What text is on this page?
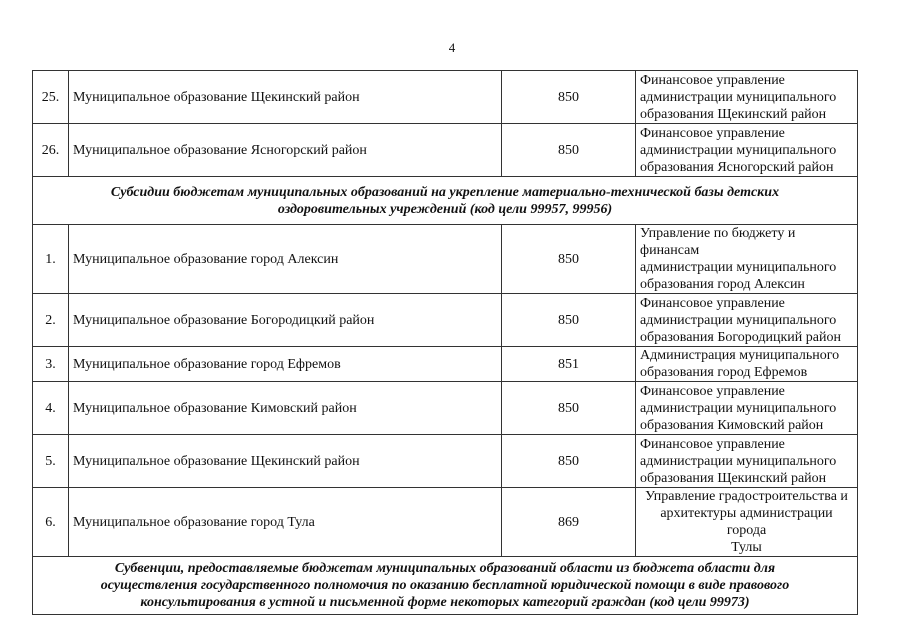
4
25.	Муниципальное образование Щекинский район	850	Финансовое управление
администрации муниципального
образования Щекинский район
26.	Муниципальное образование Ясногорский район	850	Финансовое управление
администрации муниципального
образования Ясногорский район
Субсидии бюджетам муниципальных образований на укрепление материально-технической базы детских
оздоровительных учреждений (код цели 99957, 99956)			
1.	Муниципальное образование город Алексин	850	Управление по бюджету и финансам
администрации муниципального
образования город Алексин
2.	Муниципальное образование Богородицкий район	850	Финансовое управление
администрации муниципального
образования Богородицкий район
3.	Муниципальное образование город Ефремов	851	Администрация муниципального
образования город Ефремов
4.	Муниципальное образование Кимовский район	850	Финансовое управление
администрации муниципального
образования Кимовский район
5.	Муниципальное образование Щекинский район	850	Финансовое управление
администрации муниципального
образования Щекинский район
6.	Муниципальное образование город Тула	869	Управление градостроительства и
архитектуры администрации города
Тулы
Субвенции, предоставляемые бюджетам муниципальных образований области из бюджета области для
осуществления государственного полномочия по оказанию бесплатной юридической помощи в виде правового
консультирования в устной и письменной форме некоторых категорий граждан (код цели 99973)			
